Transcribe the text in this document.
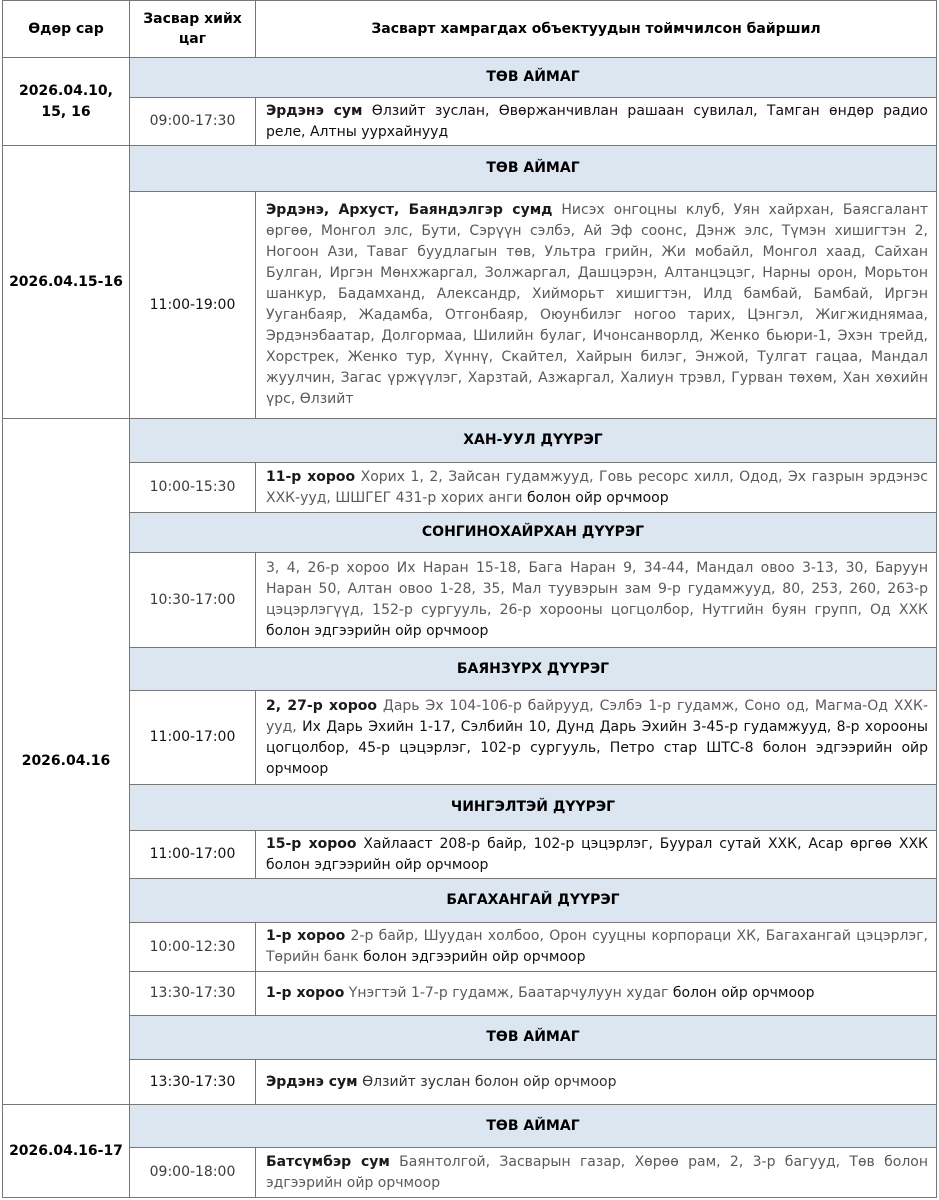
Өдөр сар	Засвар хийх цаг	Засварт хамрагдах объектуудын тоймчилсон байршил
2026.04.10, 15, 16	ТӨВ АЙМАГ	
	09:00-17:30	Эрдэнэ сум Өлзийт зуслан, Өвөржанчивлан рашаан сувилал, Тамган өндөр радио реле, Алтны уурхайнууд
2026.04.15-16	ТӨВ АЙМАГ	
	11:00-19:00	Эрдэнэ, Архуст, Баяндэлгэр сумд Нисэх онгоцны клуб, Уян хайрхан, Баясгалант өргөө, Монгол элс, Бути, Сэрүүн сэлбэ, Ай Эф соонс, Дэнж элс, Түмэн хишигтэн 2, Ногоон Ази, Таваг буудлагын төв, Ультра грийн, Жи мобайл, Монгол хаад, Сайхан Булган, Иргэн Мөнхжаргал, Золжаргал, Дашцэрэн, Алтанцэцэг, Нарны орон, Морьтон шанкур, Бадамханд, Александр, Хийморьт хишигтэн, Илд бамбай, Бамбай, Иргэн Ууганбаяр, Жадамба, Отгонбаяр, Оюунбилэг ногоо тарих, Цэнгэл, Жигжиднямаа, Эрдэнэбаатар, Долгормаа, Шилийн булаг, Ичонсанворлд, Женко бьюри-1, Эхэн трейд, Хорстрек, Женко тур, Хүннү, Скайтел, Хайрын билэг, Энжой, Тулгат гацаа, Мандал жуулчин, Загас үржүүлэг, Харзтай, Азжаргал, Халиун трэвл, Гурван төхөм, Хан хөхийн үрс, Өлзийт
2026.04.16	ХАН-УУЛ ДҮҮРЭГ	
	10:00-15:30	11-р хороо Хорих 1, 2, Зайсан гудамжууд, Говь ресорс хилл, Одод, Эх газрын эрдэнэс ХХК-ууд, ШШГЕГ 431-р хорих анги болон ойр орчмоор
	СОНГИНОХАЙРХАН ДҮҮРЭГ	
	10:30-17:00	3, 4, 26-р хороо Их Наран 15-18, Бага Наран 9, 34-44, Мандал овоо 3-13, 30, Баруун Наран 50, Алтан овоо 1-28, 35, Мал туувэрын зам 9-р гудамжууд, 80, 253, 260, 263-р цэцэрлэгүүд, 152-р сургууль, 26-р хорооны цогцолбор, Нутгийн буян групп, Од ХХК болон эдгээрийн ойр орчмоор
	БАЯНЗҮРХ ДҮҮРЭГ	
	11:00-17:00	2, 27-р хороо Дарь Эх 104-106-р байрууд, Сэлбэ 1-р гудамж, Соно од, Магма-Од ХХК-ууд, Их Дарь Эхийн 1-17, Сэлбийн 10, Дунд Дарь Эхийн 3-45-р гудамжууд, 8-р хорооны цогцолбор, 45-р цэцэрлэг, 102-р сургууль, Петро стар ШТС-8 болон эдгээрийн ойр орчмоор
	ЧИНГЭЛТЭЙ ДҮҮРЭГ	
	11:00-17:00	15-р хороо Хайлааст 208-р байр, 102-р цэцэрлэг, Буурал сутай ХХК, Асар өргөө ХХК болон эдгээрийн ойр орчмоор
	БАГАХАНГАЙ ДҮҮРЭГ	
	10:00-12:30	1-р хороо 2-р байр, Шуудан холбоо, Орон сууцны корпораци ХК, Багахангай цэцэрлэг, Төрийн банк болон эдгээрийн ойр орчмоор
	13:30-17:30	1-р хороо Үнэгтэй 1-7-р гудамж, Баатарчулуун худаг болон ойр орчмоор
	ТӨВ АЙМАГ	
	13:30-17:30	Эрдэнэ сум Өлзийт зуслан болон ойр орчмоор
2026.04.16-17	ТӨВ АЙМАГ	
	09:00-18:00	Батсүмбэр сум Баянтолгой, Засварын газар, Хөрөө рам, 2, 3-р багууд, Төв болон эдгээрийн ойр орчмоор
